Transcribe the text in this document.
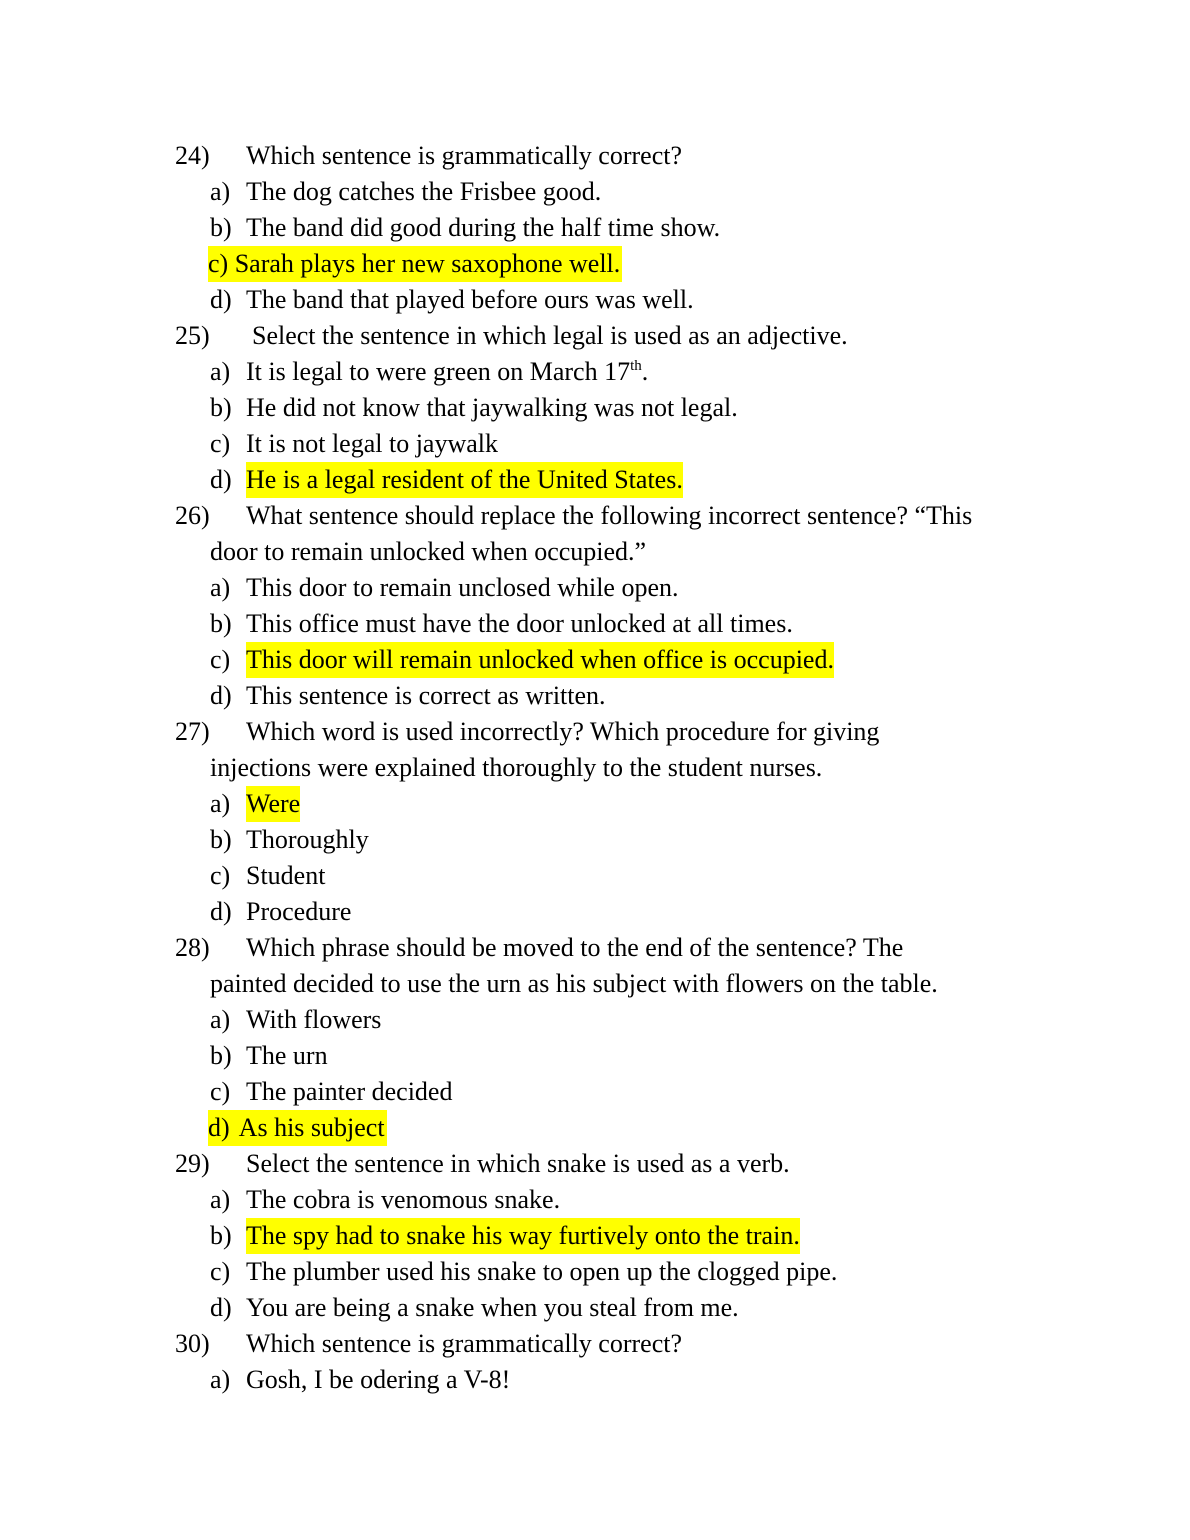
24) Which sentence is grammatically correct?
a) The dog catches the Frisbee good.
b) The band did good during the half time show.
c) Sarah plays her new saxophone well.
d) The band that played before ours was well.
25) Select the sentence in which legal is used as an adjective.
a) It is legal to were green on March 17th.
b) He did not know that jaywalking was not legal.
c) It is not legal to jaywalk
d) He is a legal resident of the United States.
26) What sentence should replace the following incorrect sentence? “This
door to remain unlocked when occupied.”
a) This door to remain unclosed while open.
b) This office must have the door unlocked at all times.
c) This door will remain unlocked when office is occupied.
d) This sentence is correct as written.
27) Which word is used incorrectly? Which procedure for giving
injections were explained thoroughly to the student nurses.
a) Were
b) Thoroughly
c) Student
d) Procedure
28) Which phrase should be moved to the end of the sentence? The
painted decided to use the urn as his subject with flowers on the table.
a) With flowers
b) The urn
c) The painter decided
d) As his subject
29) Select the sentence in which snake is used as a verb.
a) The cobra is venomous snake.
b) The spy had to snake his way furtively onto the train.
c) The plumber used his snake to open up the clogged pipe.
d) You are being a snake when you steal from me.
30) Which sentence is grammatically correct?
a) Gosh, I be odering a V-8!
